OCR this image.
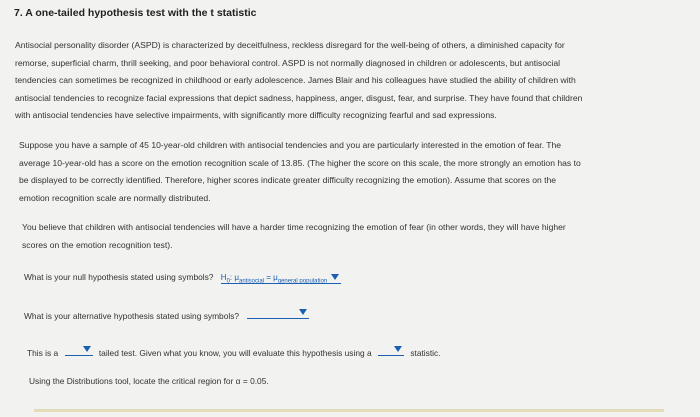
7. A one-tailed hypothesis test with the t statistic
Antisocial personality disorder (ASPD) is characterized by deceitfulness, reckless disregard for the well-being of others, a diminished capacity for
remorse, superficial charm, thrill seeking, and poor behavioral control. ASPD is not normally diagnosed in children or adolescents, but antisocial
tendencies can sometimes be recognized in childhood or early adolescence. James Blair and his colleagues have studied the ability of children with
antisocial tendencies to recognize facial expressions that depict sadness, happiness, anger, disgust, fear, and surprise. They have found that children
with antisocial tendencies have selective impairments, with significantly more difficulty recognizing fearful and sad expressions.
Suppose you have a sample of 45 10-year-old children with antisocial tendencies and you are particularly interested in the emotion of fear. The
average 10-year-old has a score on the emotion recognition scale of 13.85. (The higher the score on this scale, the more strongly an emotion has to
be displayed to be correctly identified. Therefore, higher scores indicate greater difficulty recognizing the emotion). Assume that scores on the
emotion recognition scale are normally distributed.
You believe that children with antisocial tendencies will have a harder time recognizing the emotion of fear (in other words, they will have higher
scores on the emotion recognition test).
What is your null hypothesis stated using symbols? $H_0$: $\mu_{antisocial} = \mu_{general population}$
What is your alternative hypothesis stated using symbols?
This is a	tailed test. Given what you know, you will evaluate this hypothesis using a	statistic.
Using the Distributions tool, locate the critical region for α = 0.05.
